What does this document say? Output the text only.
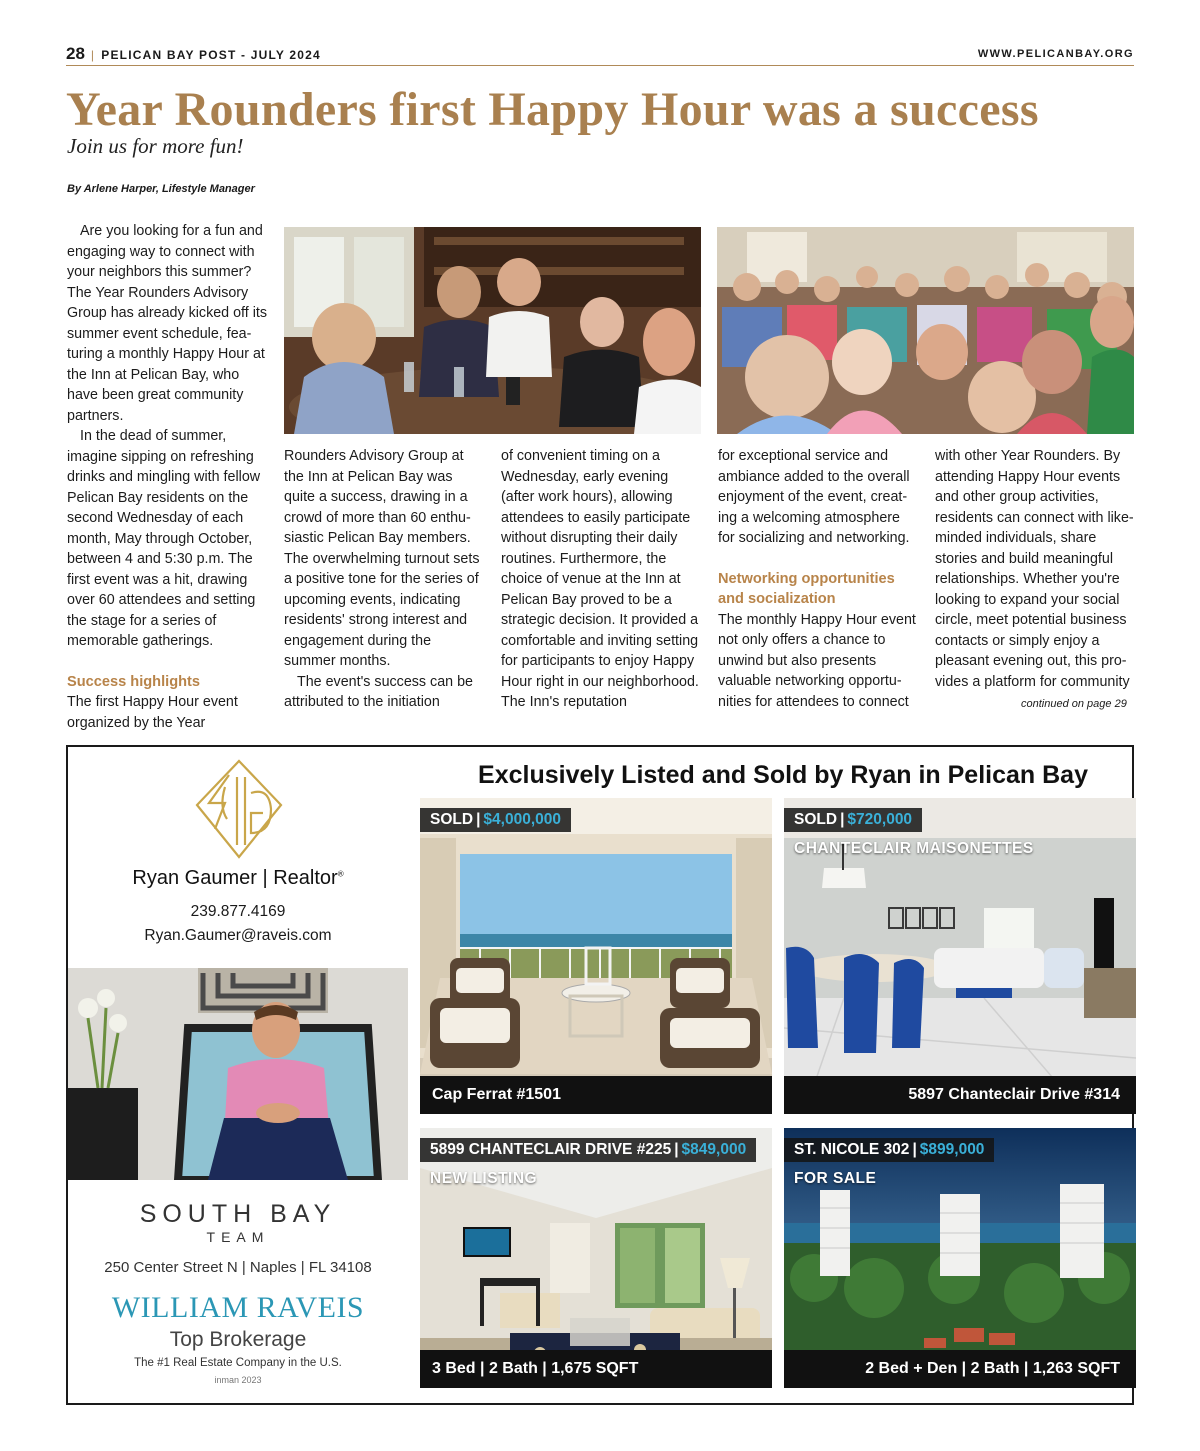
28 | PELICAN BAY POST - JULY 2024	WWW.PELICANBAY.ORG
Year Rounders first Happy Hour was a success
Join us for more fun!
By Arlene Harper, Lifestyle Manager

Are you looking for a fun and engaging way to connect with your neighbors this summer? The Year Rounders Advisory Group has already kicked off its summer event schedule, featuring a monthly Happy Hour at the Inn at Pelican Bay, who have been great community partners.

In the dead of summer, imagine sipping on refreshing drinks and mingling with fellow Pelican Bay residents on the second Wednesday of each month, May through October, between 4 and 5:30 p.m. The first event was a hit, drawing over 60 attendees and setting the stage for a series of memorable gatherings.

Success highlights

The first Happy Hour event organized by the Year

Rounders Advisory Group at the Inn at Pelican Bay was quite a success, drawing in a crowd of more than 60 enthusiastic Pelican Bay members. The overwhelming turnout sets a positive tone for the series of upcoming events, indicating residents' strong interest and engagement during the summer months.

The event's success can be attributed to the initiation

of convenient timing on a Wednesday, early evening (after work hours), allowing attendees to easily participate without disrupting their daily routines. Furthermore, the choice of venue at the Inn at Pelican Bay proved to be a strategic decision. It provided a comfortable and inviting setting for participants to enjoy Happy Hour right in our neighborhood. The Inn's reputation

for exceptional service and ambiance added to the overall enjoyment of the event, creating a welcoming atmosphere for socializing and networking.

Networking opportunities and socialization

The monthly Happy Hour event not only offers a chance to unwind but also presents valuable networking opportunities for attendees to connect

with other Year Rounders. By attending Happy Hour events and other group activities, residents can connect with like-minded individuals, share stories and build meaningful relationships. Whether you're looking to expand your social circle, meet potential business contacts or simply enjoy a pleasant evening out, this provides a platform for community

continued on page 29
Exclusively Listed and Sold by Ryan in Pelican Bay
Ryan Gaumer | Realtor®
239.877.4169
Ryan.Gaumer@raveis.com
SOUTH BAY
TEAM
250 Center Street N | Naples | FL 34108
WILLIAM RAVEIS
Top Brokerage
The #1 Real Estate Company in the U.S.
inman 2023
SOLD | $4,000,000
Cap Ferrat #1501
SOLD | $720,000
CHANTECLAIR MAISONETTES
5897 Chanteclair Drive #314
5899 CHANTECLAIR DRIVE #225 | $849,000
NEW LISTING
3 Bed | 2 Bath | 1,675 SQFT
ST. NICOLE 302 | $899,000
FOR SALE
2 Bed + Den | 2 Bath | 1,263 SQFT
